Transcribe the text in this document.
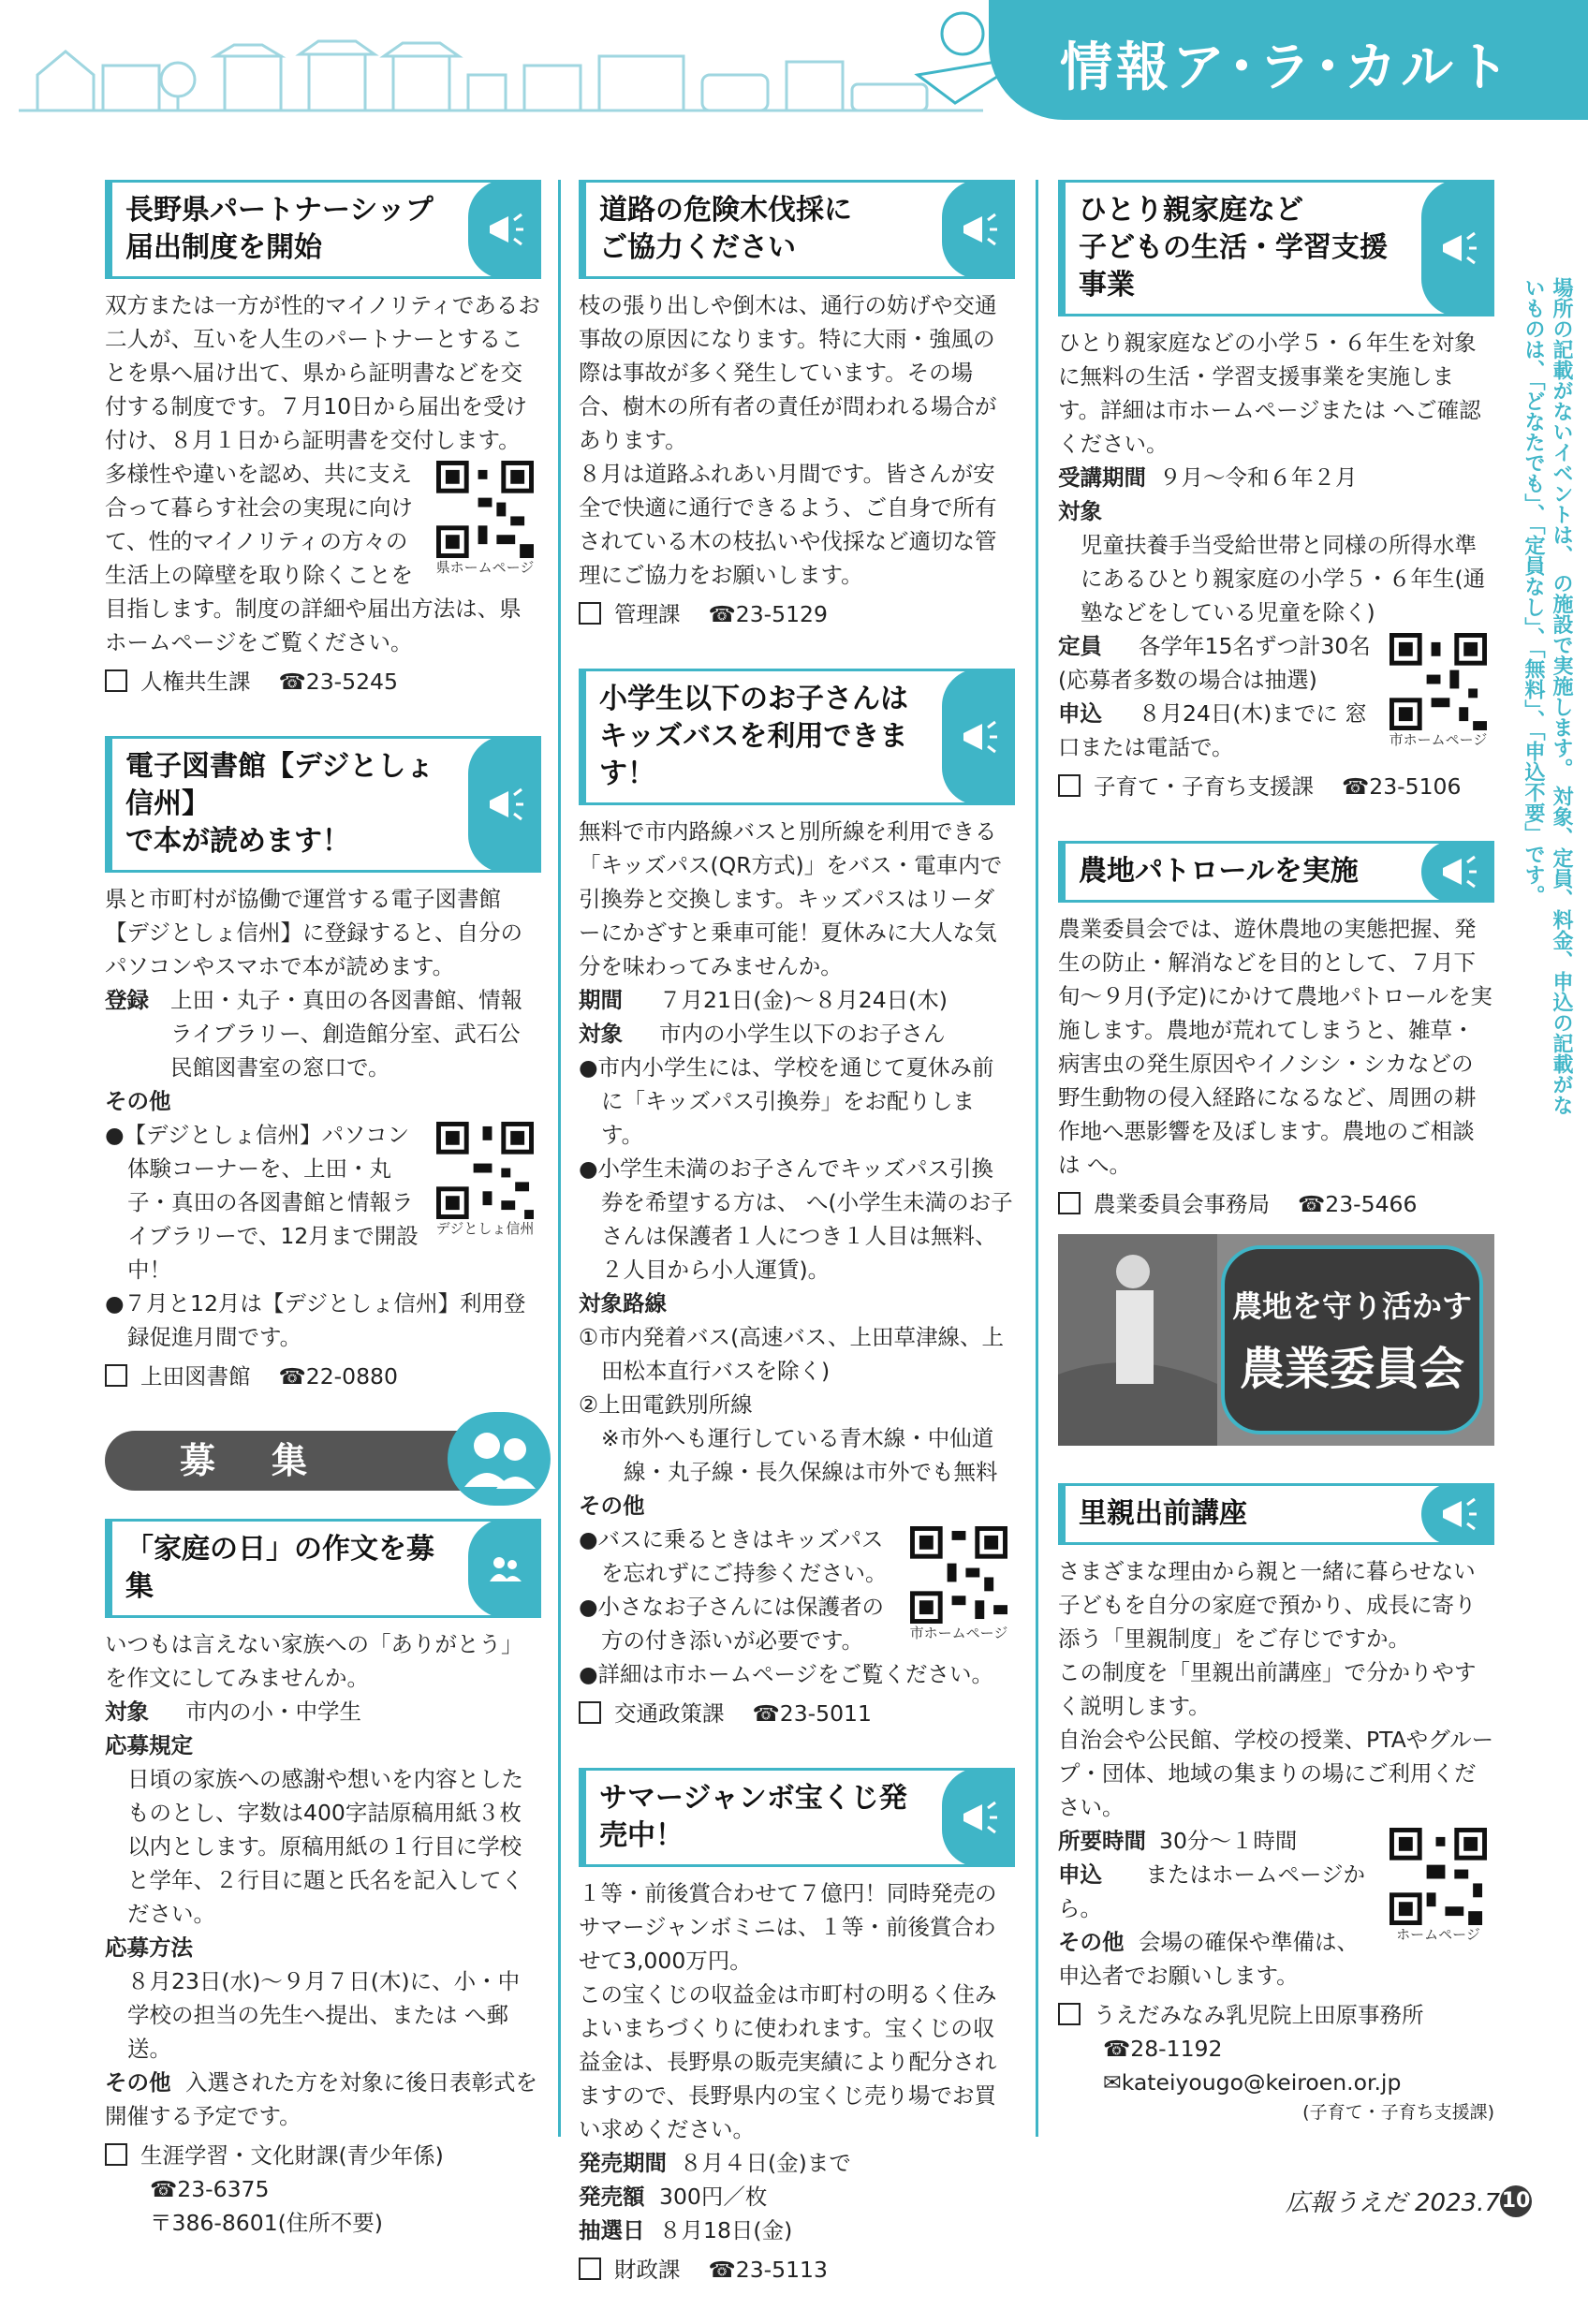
情報ア･ラ･カルト
場所の記載がないイベントは、 の施設で実施します。 対象、定員、料金、申込の記載がないものは、「どなたでも」、「定員なし」、「無料」、「申込不要」です。
長野県パートナーシップ
届出制度を開始

双方または一方が性的マイノリティであるお二人が、互いを人生のパートナーとすることを県へ届け出て、県から証明書などを交付する制度です。７月10日から届出を受け付け、８月１日から証明書を交付します。

県ホームページ

多様性や違いを認め、共に支え合って暮らす社会の実現に向けて、性的マイノリティの方々の生活上の障壁を取り除くことを目指します。制度の詳細や届出方法は、県ホームページをご覧ください。

人権共生課 ☎23-5245
電子図書館【デジとしょ信州】
で本が読めます！

県と市町村が協働で運営する電子図書館【デジとしょ信州】に登録すると、自分のパソコンやスマホで本が読めます。

登録 上田・丸子・真田の各図書館、情報ライブラリー、創造館分室、武石公民館図書室の窓口で。

その他

デジとしょ信州

●【デジとしょ信州】パソコン体験コーナーを、上田・丸子・真田の各図書館と情報ライブラリーで、12月まで開設中！

●７月と12月は【デジとしょ信州】利用登録促進月間です。

上田図書館 ☎22-0880
募集
「家庭の日」の作文を募集

いつもは言えない家族への「ありがとう」を作文にしてみませんか。

対象 市内の小・中学生

応募規定

日頃の家族への感謝や想いを内容としたものとし、字数は400字詰原稿用紙３枚以内とします。原稿用紙の１行目に学校と学年、２行目に題と氏名を記入してください。

応募方法

８月23日(水)〜９月７日(木)に、小・中学校の担当の先生へ提出、または へ郵送。

その他 入選された方を対象に後日表彰式を開催する予定です。

生涯学習・文化財課(青少年係)
☎23-6375
〒386-8601(住所不要)
道路の危険木伐採に
ご協力ください

枝の張り出しや倒木は、通行の妨げや交通事故の原因になります。特に大雨・強風の際は事故が多く発生しています。その場合、樹木の所有者の責任が問われる場合があります。

８月は道路ふれあい月間です。皆さんが安全で快適に通行できるよう、ご自身で所有されている木の枝払いや伐採など適切な管理にご協力をお願いします。

管理課 ☎23-5129
小学生以下のお子さんは
キッズバスを利用できます！

無料で市内路線バスと別所線を利用できる「キッズパス(QR方式)」をバス・電車内で引換券と交換します。キッズパスはリーダーにかざすと乗車可能！夏休みに大人な気分を味わってみませんか。

期間 ７月21日(金)〜８月24日(木)

対象 市内の小学生以下のお子さん

●市内小学生には、学校を通じて夏休み前に「キッズパス引換券」をお配りします。

●小学生未満のお子さんでキッズパス引換券を希望する方は、 へ(小学生未満のお子さんは保護者１人につき１人目は無料、２人目から小人運賃)。

対象路線

①市内発着バス(高速バス、上田草津線、上田松本直行バスを除く)

②上田電鉄別所線

※市外へも運行している青木線・中仙道線・丸子線・長久保線は市外でも無料

その他

市ホームページ

●バスに乗るときはキッズパスを忘れずにご持参ください。

●小さなお子さんには保護者の方の付き添いが必要です。

●詳細は市ホームページをご覧ください。

交通政策課 ☎23-5011
サマージャンボ宝くじ発売中！

１等・前後賞合わせて７億円！同時発売のサマージャンボミニは、１等・前後賞合わせて3,000万円。

この宝くじの収益金は市町村の明るく住みよいまちづくりに使われます。宝くじの収益金は、長野県の販売実績により配分されますので、長野県内の宝くじ売り場でお買い求めください。

発売期間 ８月４日(金)まで

発売額 300円／枚

抽選日 ８月18日(金)

財政課 ☎23-5113
ひとり親家庭など
子どもの生活・学習支援事業

ひとり親家庭などの小学５・６年生を対象に無料の生活・学習支援事業を実施します。詳細は市ホームページまたは へご確認ください。

受講期間 ９月〜令和６年２月

対象

児童扶養手当受給世帯と同様の所得水準にあるひとり親家庭の小学５・６年生(通塾などをしている児童を除く)

市ホームページ

定員 各学年15名ずつ計30名(応募者多数の場合は抽選)

申込 ８月24日(木)までに 窓口または電話で。

子育て・子育ち支援課 ☎23-5106
農地パトロールを実施

農業委員会では、遊休農地の実態把握、発生の防止・解消などを目的として、７月下旬〜９月(予定)にかけて農地パトロールを実施します。農地が荒れてしまうと、雑草・病害虫の発生原因やイノシシ・シカなどの野生動物の侵入経路になるなど、周囲の耕作地へ悪影響を及ぼします。農地のご相談は へ。

農業委員会事務局 ☎23-5466
農地を守り活かす
農業委員会
里親出前講座

さまざまな理由から親と一緒に暮らせない子どもを自分の家庭で預かり、成長に寄り添う「里親制度」をご存じですか。

この制度を「里親出前講座」で分かりやすく説明します。

自治会や公民館、学校の授業、PTAやグループ・団体、地域の集まりの場にご利用ください。

ホームページ

所要時間 30分〜１時間

申込 またはホームページから。

その他 会場の確保や準備は、申込者でお願いします。

うえだみなみ乳児院上田原事務所
☎28-1192
✉kateiyougo@keiroen.or.jp
(子育て・子育ち支援課)
広報うえだ 2023.7 10
